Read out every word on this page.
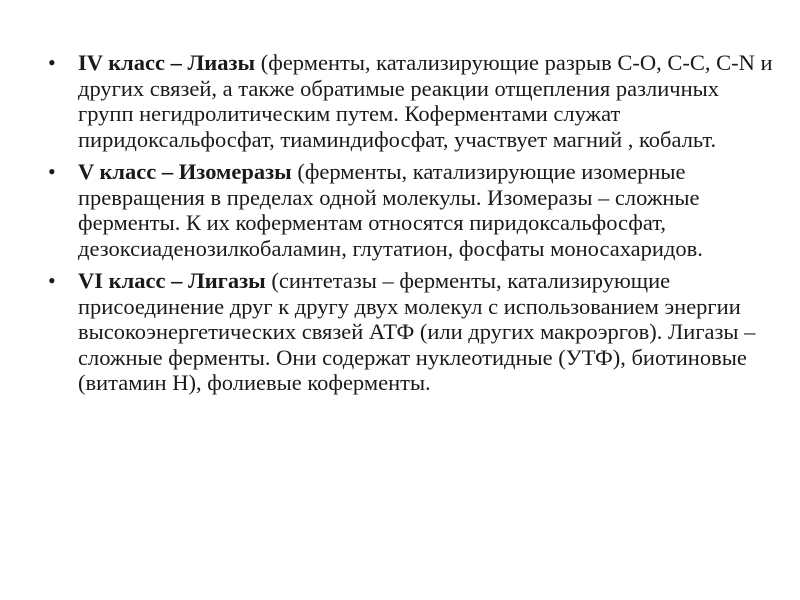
• IV класс – Лиазы (ферменты, катализирующие разрыв С-О, С-С, С-N и других связей, а также обратимые реакции отщепления различных групп негидролитическим путем. Коферментами служат пиридоксальфосфат, тиаминдифосфат, участвует магний , кобальт.
• V класс – Изомеразы (ферменты, катализирующие изомерные превращения в пределах одной молекулы. Изомеразы – сложные ферменты. К их коферментам относятся пиридоксальфосфат, дезоксиаденозилкобаламин, глутатион, фосфаты моносахаридов.
• VI класс – Лигазы (синтетазы – ферменты, катализирующие присоединение друг к другу двух молекул с использованием энергии высокоэнергетических связей АТФ (или других макроэргов). Лигазы – сложные ферменты. Они содержат нуклеотидные (УТФ), биотиновые (витамин Н), фолиевые коферменты.
